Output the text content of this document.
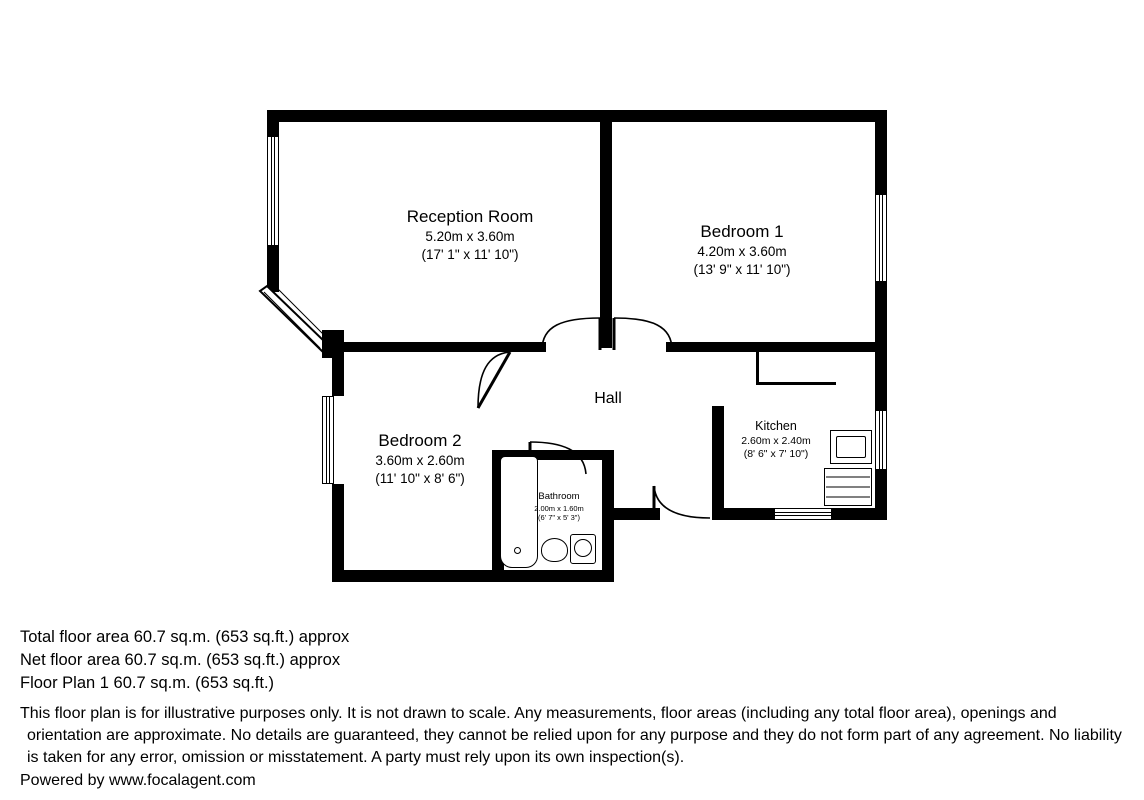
Reception Room
5.20m x 3.60m
(17' 1" x 11' 10")
Bedroom 1
4.20m x 3.60m
(13' 9" x 11' 10")
Bedroom 2
3.60m x 2.60m
(11' 10" x 8' 6")
Kitchen
2.60m x 2.40m
(8' 6" x 7' 10")
Bathroom
2.00m x 1.60m
(6' 7" x 5' 3")
Hall
Total floor area 60.7 sq.m. (653 sq.ft.) approx
Net floor area 60.7 sq.m. (653 sq.ft.) approx
Floor Plan 1 60.7 sq.m. (653 sq.ft.)
This floor plan is for illustrative purposes only. It is not drawn to scale. Any measurements, floor areas (including any total floor area), openings and orientation are approximate. No details are guaranteed, they cannot be relied upon for any purpose and they do not form part of any agreement. No liability is taken for any error, omission or misstatement. A party must rely upon its own inspection(s).
Powered by www.focalagent.com
